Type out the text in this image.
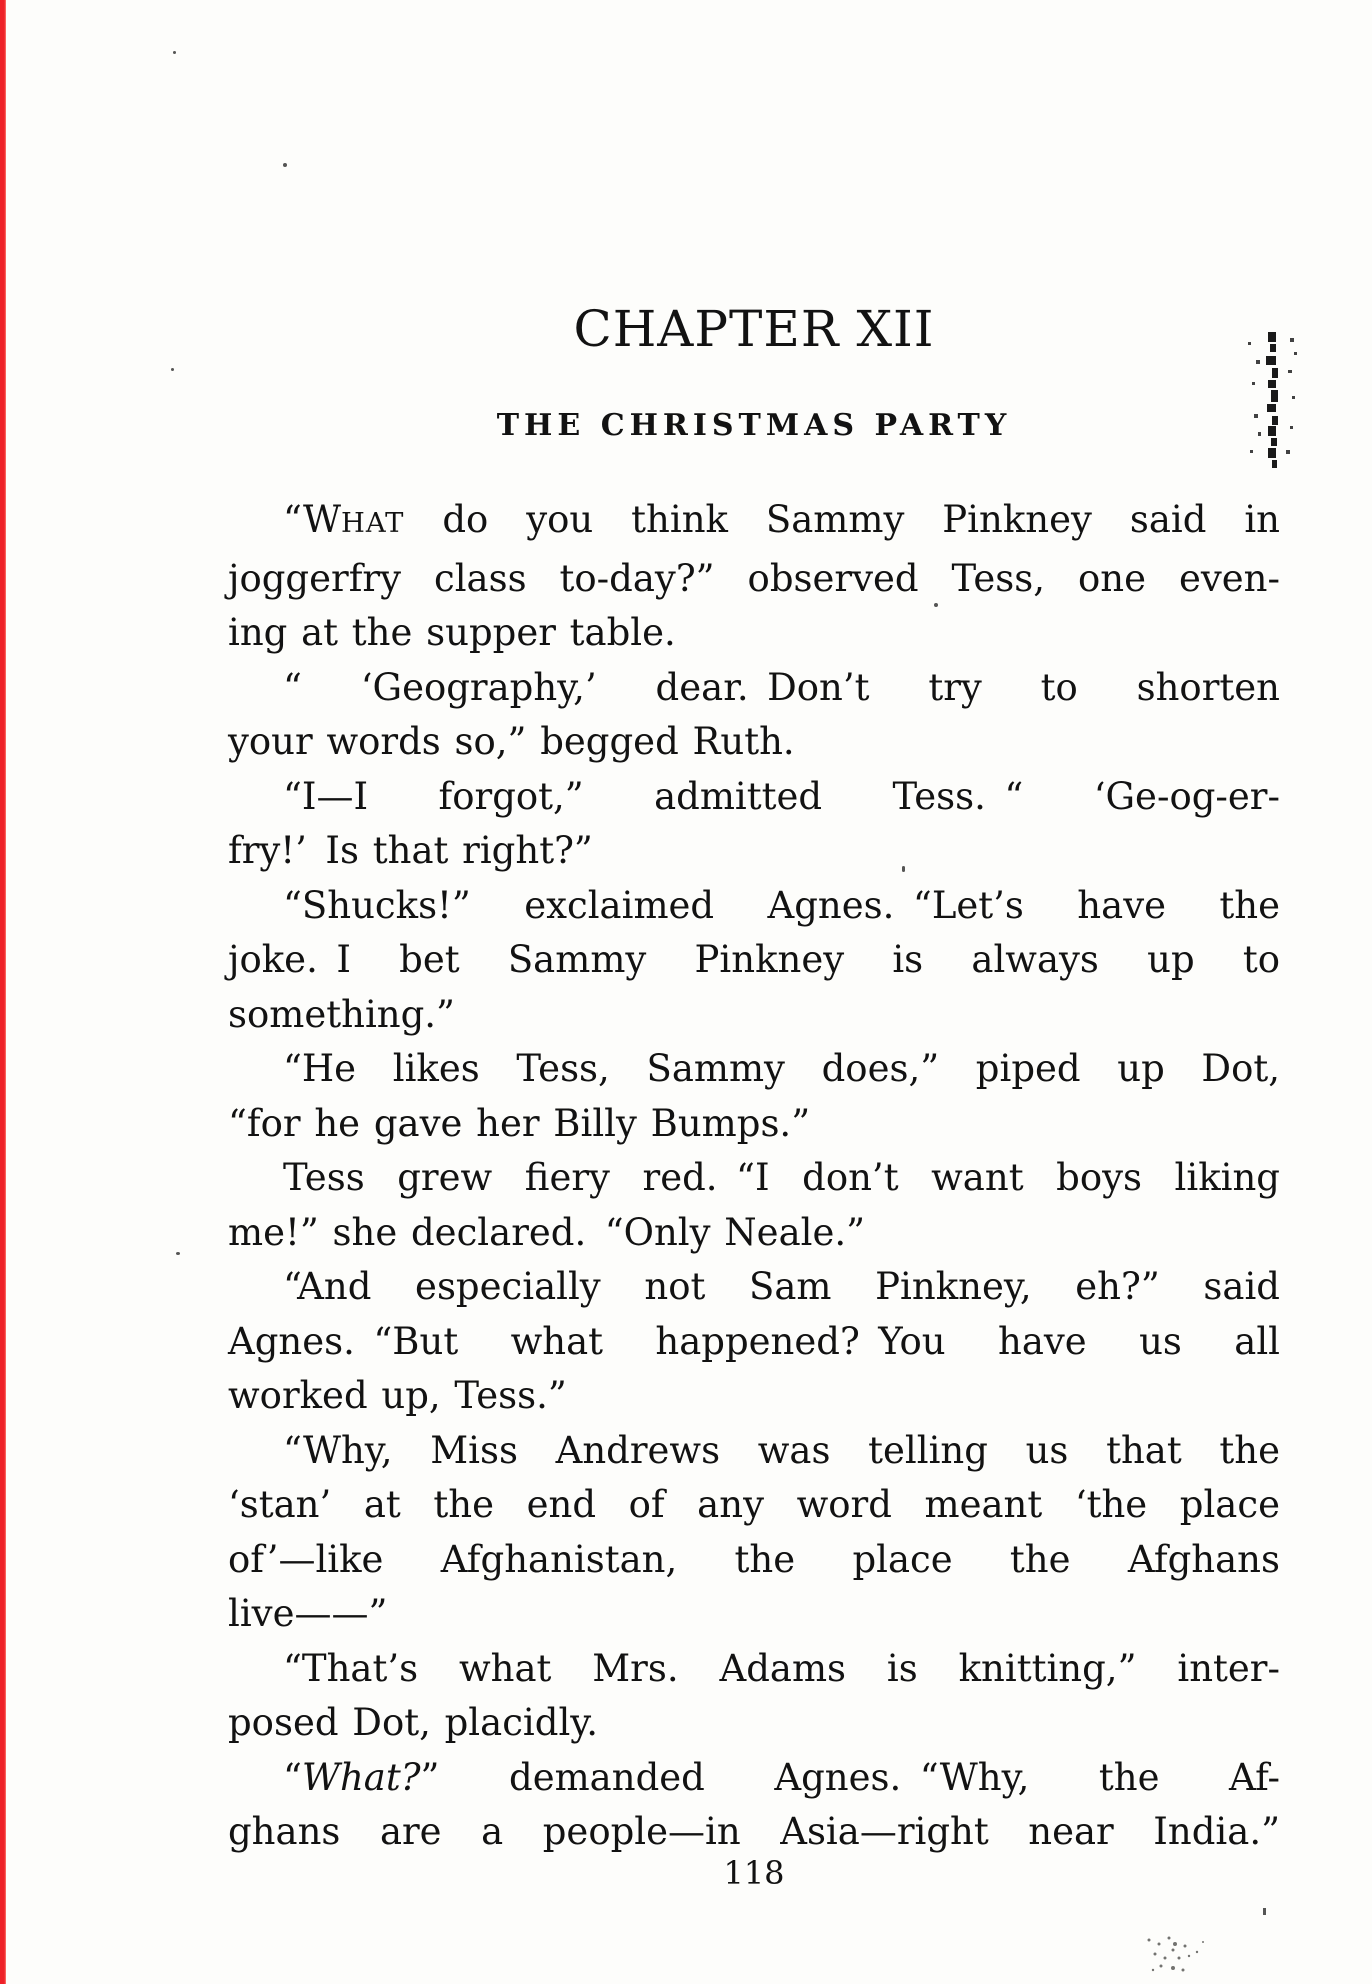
CHAPTER XII
THE CHRISTMAS PARTY
“WHAT do you think Sammy Pinkney said in
joggerfry class to-day?” observed Tess, one even-
ing at the supper table.
“ ‘Geography,’ dear. Don’t try to shorten
your words so,” begged Ruth.
“I—I forgot,” admitted Tess. “ ‘Ge-og-er-
fry!’ Is that right?”
“Shucks!” exclaimed Agnes. “Let’s have the
joke. I bet Sammy Pinkney is always up to
something.”
“He likes Tess, Sammy does,” piped up Dot,
“for he gave her Billy Bumps.”
Tess grew fiery red. “I don’t want boys liking
me!” she declared. “Only Neale.”
“And especially not Sam Pinkney, eh?” said
Agnes. “But what happened? You have us all
worked up, Tess.”
“Why, Miss Andrews was telling us that the
‘stan’ at the end of any word meant ‘the place
of’—like Afghanistan, the place the Afghans
live——”
“That’s what Mrs. Adams is knitting,” inter-
posed Dot, placidly.
“What?” demanded Agnes. “Why, the Af-
ghans are a people—in Asia—right near India.”
118
